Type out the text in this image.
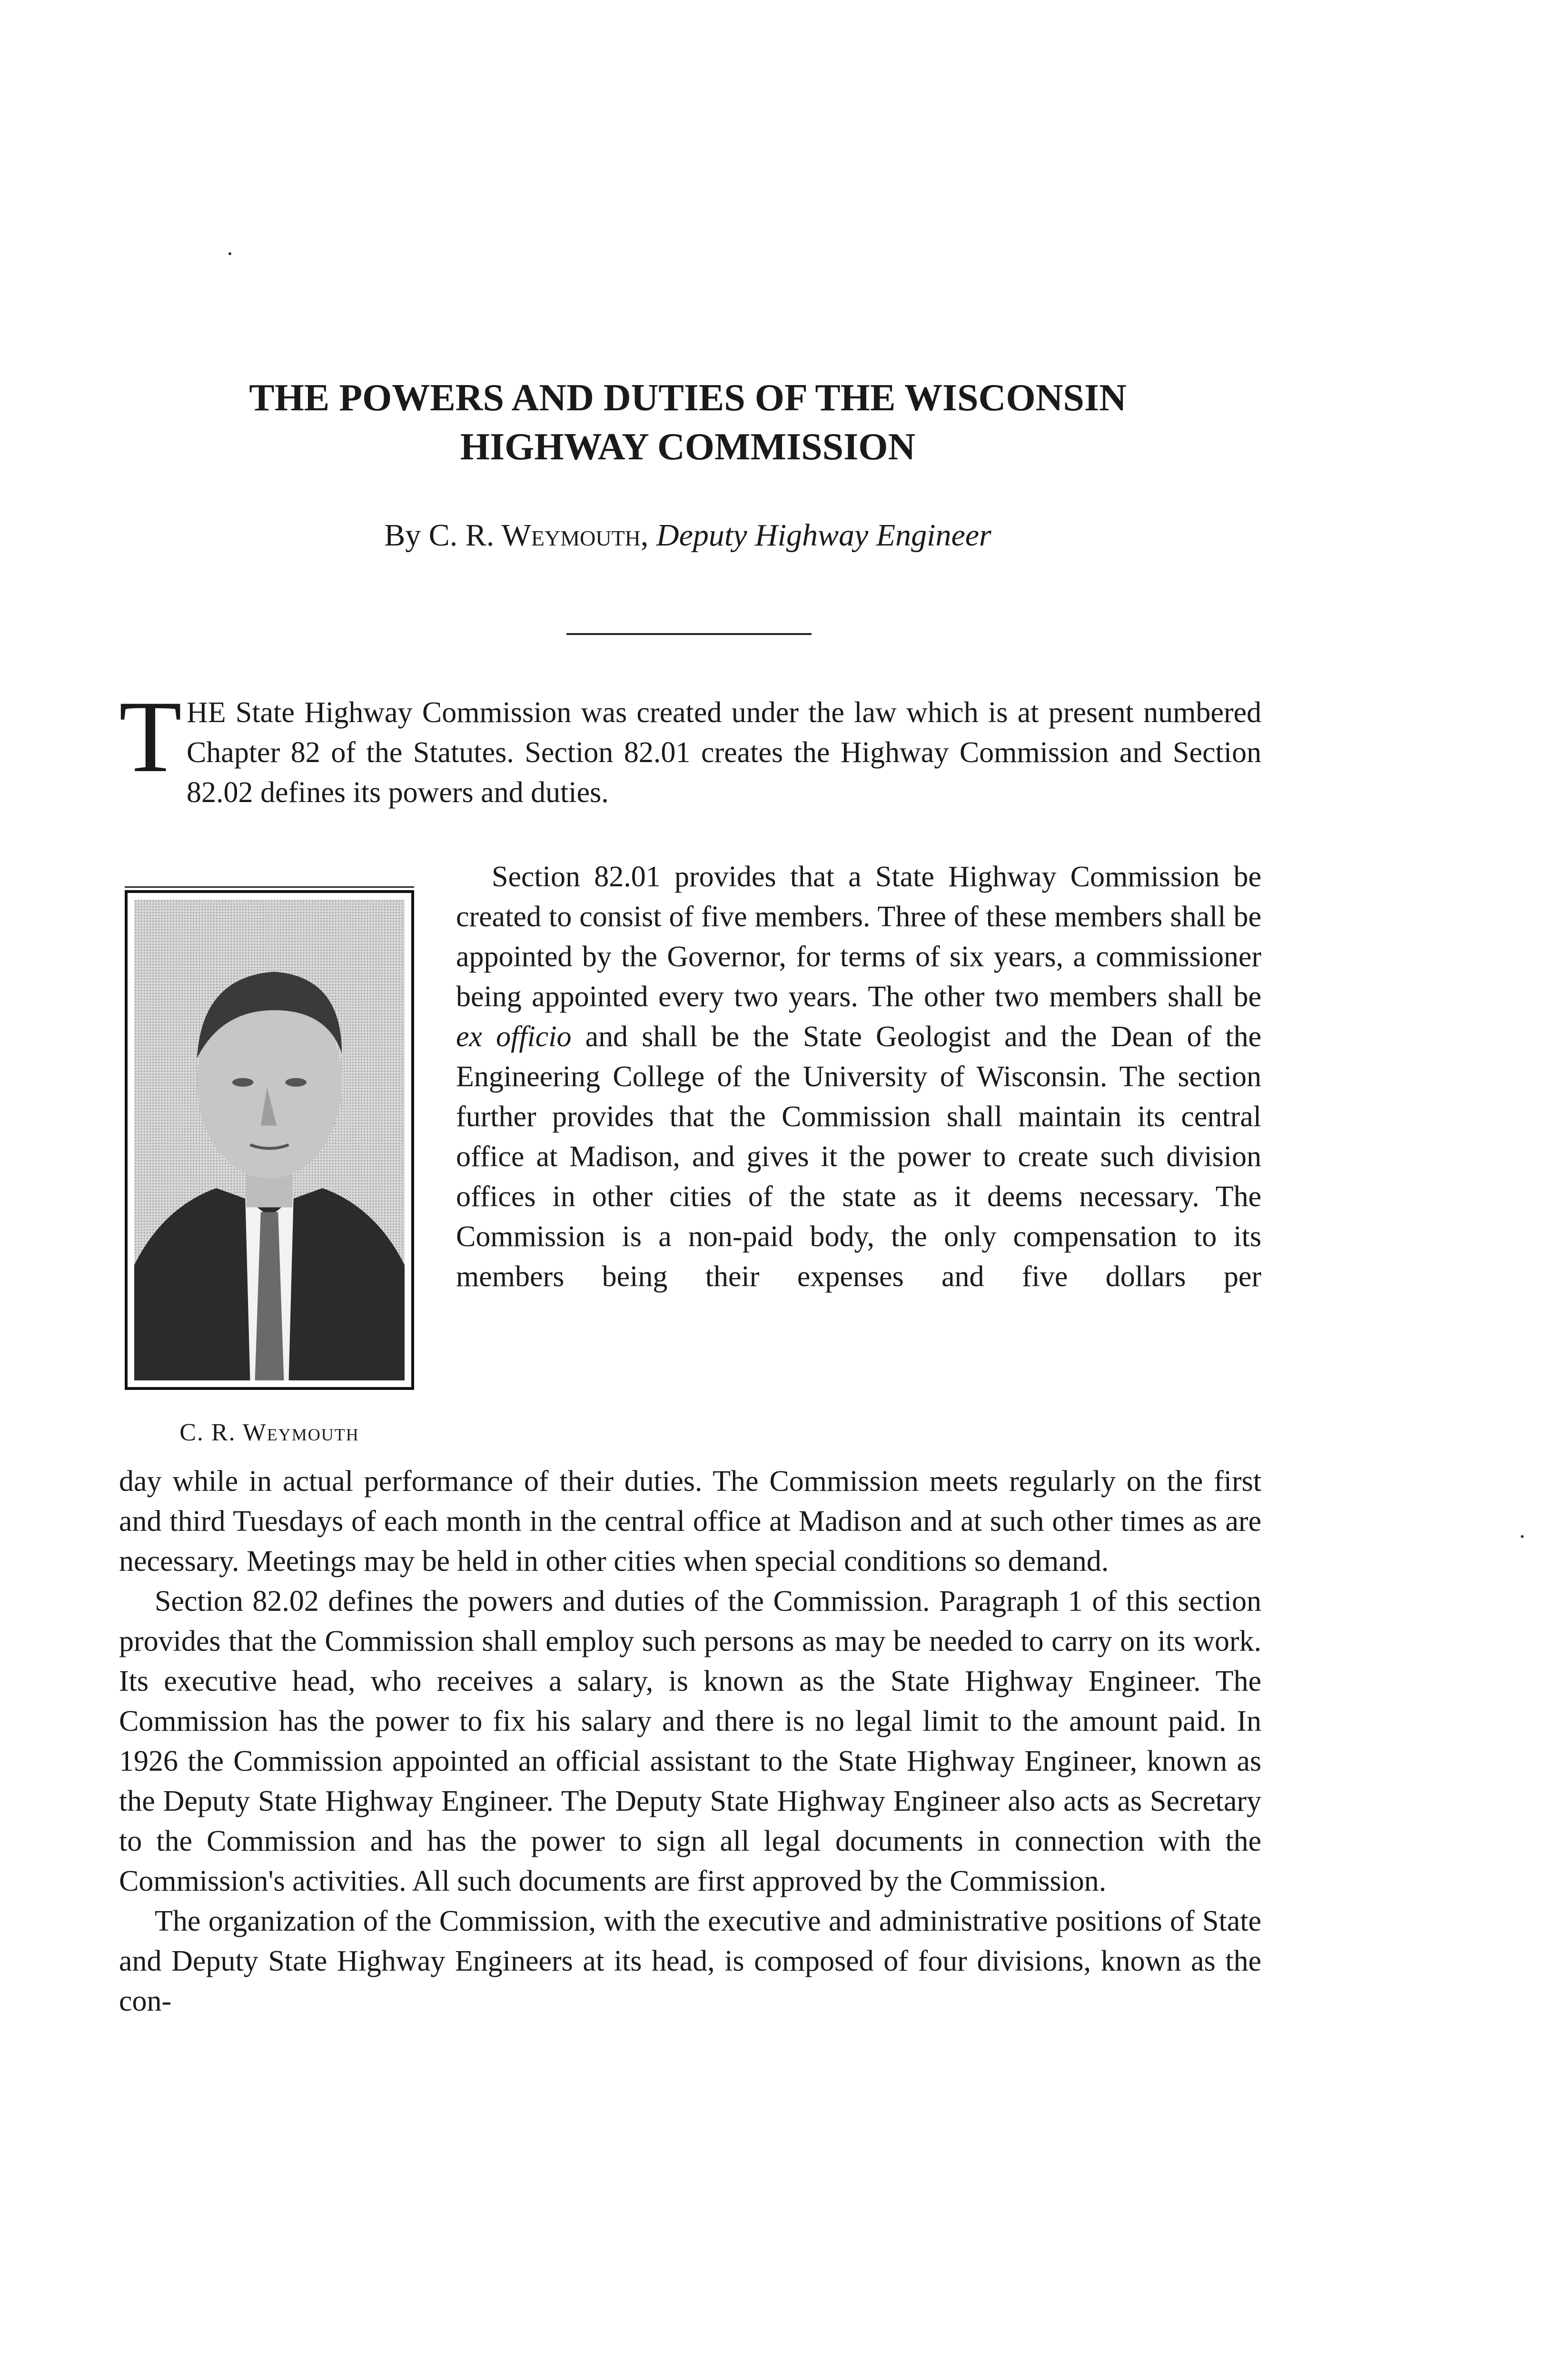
THE POWERS AND DUTIES OF THE WISCONSIN
HIGHWAY COMMISSION
By C. R. Weymouth, Deputy Highway Engineer

THE State Highway Commission was created under the law which is at present numbered Chapter 82 of the Statutes. Section 82.01 creates the Highway Commission and Section 82.02 defines its powers and duties.

C. R. Weymouth

Section 82.01 provides that a State Highway Commission be created to consist of five members. Three of these members shall be appointed by the Governor, for terms of six years, a commissioner being appointed every two years. The other two members shall be ex officio and shall be the State Geologist and the Dean of the Engineering College of the University of Wisconsin. The section further provides that the Commission shall maintain its central office at Madison, and gives it the power to create such division offices in other cities of the state as it deems necessary. The Commission is a non-paid body, the only compensation to its members being their expenses and five dollars per

day while in actual performance of their duties. The Commission meets regularly on the first and third Tuesdays of each month in the central office at Madison and at such other times as are necessary. Meetings may be held in other cities when special conditions so demand.

Section 82.02 defines the powers and duties of the Commission. Paragraph 1 of this section provides that the Commission shall employ such persons as may be needed to carry on its work. Its executive head, who receives a salary, is known as the State Highway Engineer. The Commission has the power to fix his salary and there is no legal limit to the amount paid. In 1926 the Commission appointed an official assistant to the State Highway Engineer, known as the Deputy State Highway Engineer. The Deputy State Highway Engineer also acts as Secretary to the Commission and has the power to sign all legal documents in connection with the Commission's activities. All such documents are first approved by the Commission.

The organization of the Commission, with the executive and administrative positions of State and Deputy State Highway Engineers at its head, is composed of four divisions, known as the con-
